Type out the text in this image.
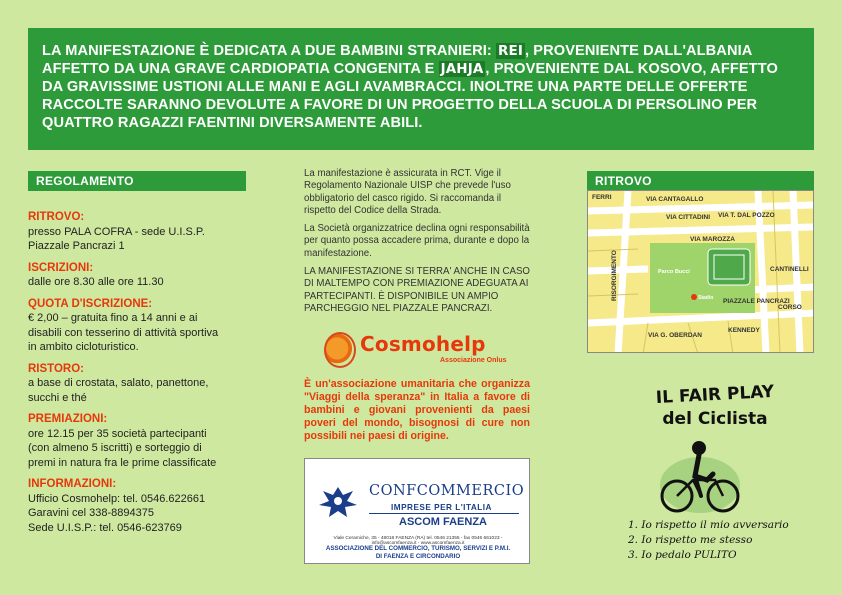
LA MANIFESTAZIONE È DEDICATA A DUE BAMBINI STRANIERI: REI , PROVENIENTE DALL'ALBANIA AFFETTO DA UNA GRAVE CARDIOPATIA CONGENITA E JAHJA , PROVENIENTE DAL KOSOVO, AFFETTO DA GRAVISSIME USTIONI ALLE MANI E AGLI AVAMBRACCI. INOLTRE UNA PARTE DELLE OFFERTE RACCOLTE SARANNO DEVOLUTE A FAVORE DI UN PROGETTO DELLA SCUOLA DI PERSOLINO PER QUATTRO RAGAZZI FAENTINI DIVERSAMENTE ABILI.

REGOLAMENTO
RITROVO:
presso PALA COFRA - sede U.I.S.P.
Piazzale Pancrazi 1
ISCRIZIONI:
dalle ore 8.30 alle ore 11.30
QUOTA D'ISCRIZIONE:
€ 2,00 – gratuita fino a 14 anni e ai
disabili con tesserino di attività sportiva
in ambito cicloturistico.
RISTORO:
a base di crostata, salato, panettone,
succhi e thé
PREMIAZIONI:
ore 12.15 per 35 società partecipanti
(con almeno 5 iscritti) e sorteggio di
premi in natura fra le prime classificate
INFORMAZIONI:
Ufficio Cosmohelp: tel. 0546.622661
Garavini cel 338-8894375
Sede U.I.S.P.: tel. 0546-623769

La manifestazione è assicurata in RCT. Vige il Regolamento Nazionale UISP che prevede l'uso obbligatorio del casco rigido. Si raccomanda il rispetto del Codice della Strada.

La Società organizzatrice declina ogni responsabilità per quanto possa accadere prima, durante e dopo la manifestazione.

LA MANIFESTAZIONE SI TERRA' ANCHE IN CASO DI MALTEMPO CON PREMIAZIONE ADEGUATA AI PARTECIPANTI. È DISPONIBILE UN AMPIO PARCHEGGIO NEL PIAZZALE PANCRAZI.

Cosmohelp
Associazione Onlus
È un'associazione umanitaria che organizza "Viaggi della speranza" in Italia a favore di bambini e giovani provenienti da paesi poveri del mondo, bisognosi di cure non possibili nei paesi di origine.
CONFCOMMERCIO
IMPRESE PER L'ITALIA
ASCOM FAENZA
Viale Ceramiche, 35 - 48018 FAENZA (RA) tel. 0546 21355 - fax 0546 661023 - info@ascomfaenza.it - www.ascomfaenza.it
ASSOCIAZIONE DEL COMMERCIO, TURISMO, SERVIZI E P.M.I.
DI FAENZA E CIRCONDARIO
RITROVO
VIA CANTAGALLO
FERRI
VIA CITTADINI VIA T. DAL POZZO
VIA MAROZZA
VIA G. OBERDAN
CORSO
PIAZZALE PANCRAZI
CANTINELLI
KENNEDY
Parco Bucci
Stadio
RISORGIMENTO
IL FAIR PLAY
del Ciclista
1. Io rispetto il mio avversario
2. Io rispetto me stesso
3. Io pedalo PULITO
